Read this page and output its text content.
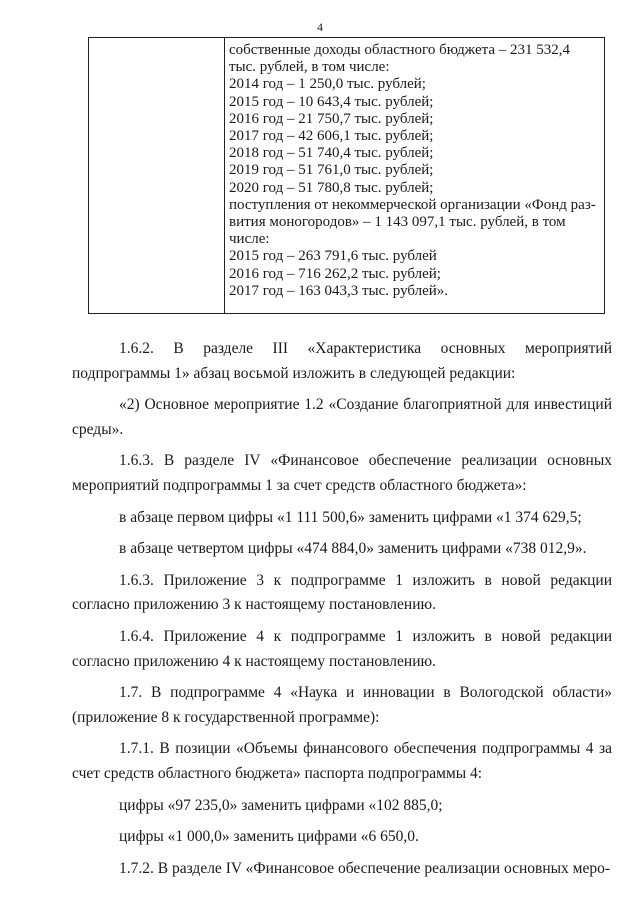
4
собственные доходы областного бюджета – 231 532,4
тыс. рублей, в том числе:
2014 год – 1 250,0 тыс. рублей;
2015 год – 10 643,4 тыс. рублей;
2016 год – 21 750,7 тыс. рублей;
2017 год – 42 606,1 тыс. рублей;
2018 год – 51 740,4 тыс. рублей;
2019 год – 51 761,0 тыс. рублей;
2020 год – 51 780,8 тыс. рублей;
поступления от некоммерческой организации «Фонд раз-
вития моногородов» – 1 143 097,1 тыс. рублей, в том
числе:
2015 год – 263 791,6 тыс. рублей
2016 год – 716 262,2 тыс. рублей;
2017 год – 163 043,3 тыс. рублей».

1.6.2. В разделе III «Характеристика основных мероприятий подпрограммы 1» абзац восьмой изложить в следующей редакции:

«2) Основное мероприятие 1.2 «Создание благоприятной для инвестиций среды».

1.6.3. В разделе IV «Финансовое обеспечение реализации основных мероприятий подпрограммы 1 за счет средств областного бюджета»:

в абзаце первом цифры «1 111 500,6» заменить цифрами «1 374 629,5;

в абзаце четвертом цифры «474 884,0» заменить цифрами «738 012,9».

1.6.3. Приложение 3 к подпрограмме 1 изложить в новой редакции согласно приложению 3 к настоящему постановлению.

1.6.4. Приложение 4 к подпрограмме 1 изложить в новой редакции согласно приложению 4 к настоящему постановлению.

1.7. В подпрограмме 4 «Наука и инновации в Вологодской области» (приложение 8 к государственной программе):

1.7.1. В позиции «Объемы финансового обеспечения подпрограммы 4 за счет средств областного бюджета» паспорта подпрограммы 4:

цифры «97 235,0» заменить цифрами «102 885,0;

цифры «1 000,0» заменить цифрами «6 650,0.

1.7.2. В разделе IV «Финансовое обеспечение реализации основных меро-
